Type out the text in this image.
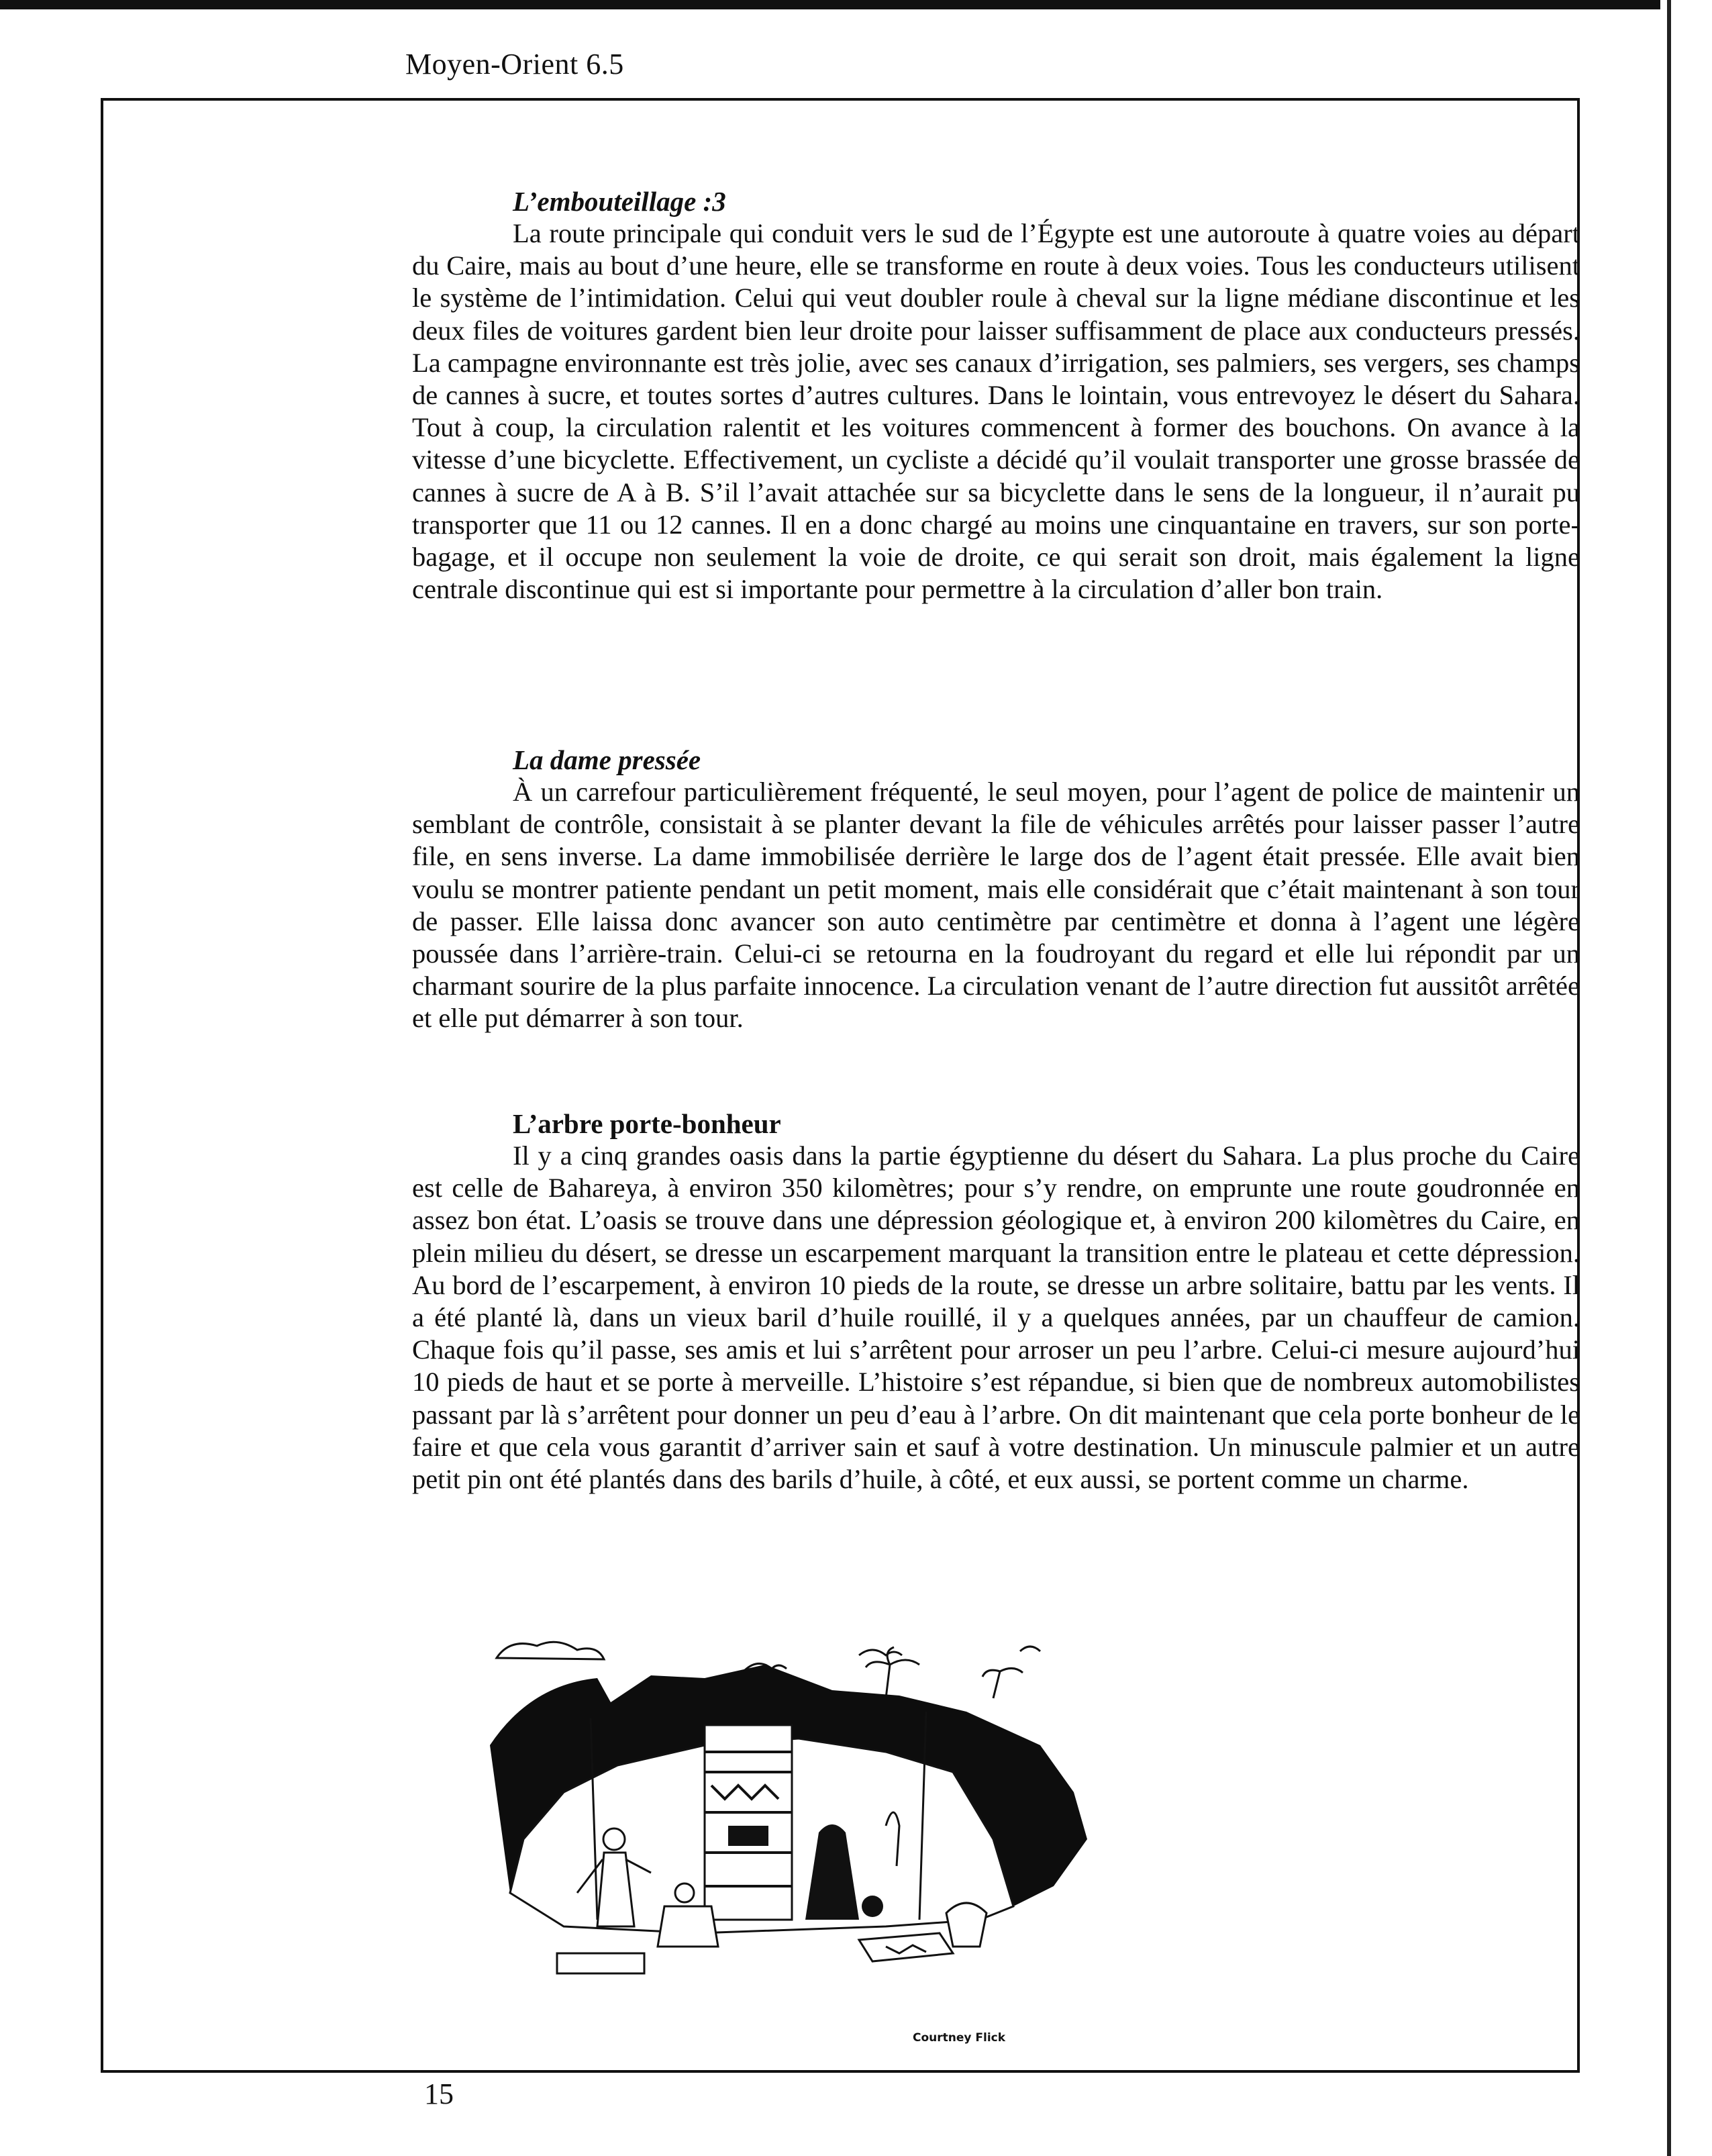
Moyen-Orient 6.5
L’embouteillage :3

La route principale qui conduit vers le sud de l’Égypte est une autoroute à quatre voies au départ du Caire, mais au bout d’une heure, elle se transforme en route à deux voies. Tous les conducteurs utilisent le système de l’intimidation. Celui qui veut doubler roule à cheval sur la ligne médiane discontinue et les deux files de voitures gardent bien leur droite pour laisser suffisamment de place aux conducteurs pressés. La campagne environnante est très jolie, avec ses canaux d’irrigation, ses palmiers, ses vergers, ses champs de cannes à sucre, et toutes sortes d’autres cultures. Dans le lointain, vous entrevoyez le désert du Sahara. Tout à coup, la circulation ralentit et les voitures commencent à former des bouchons. On avance à la vitesse d’une bicyclette. Effectivement, un cycliste a décidé qu’il voulait transporter une grosse brassée de cannes à sucre de A à B. S’il l’avait attachée sur sa bicyclette dans le sens de la longueur, il n’aurait pu transporter que 11 ou 12 cannes. Il en a donc chargé au moins une cinquantaine en travers, sur son porte-bagage, et il occupe non seulement la voie de droite, ce qui serait son droit, mais également la ligne centrale discontinue qui est si importante pour permettre à la circulation d’aller bon train.

La dame pressée

À un carrefour particulièrement fréquenté, le seul moyen, pour l’agent de police de maintenir un semblant de contrôle, consistait à se planter devant la file de véhicules arrêtés pour laisser passer l’autre file, en sens inverse. La dame immobilisée derrière le large dos de l’agent était pressée. Elle avait bien voulu se montrer patiente pendant un petit moment, mais elle considérait que c’était maintenant à son tour de passer. Elle laissa donc avancer son auto centimètre par centimètre et donna à l’agent une légère poussée dans l’arrière-train. Celui-ci se retourna en la foudroyant du regard et elle lui répondit par un charmant sourire de la plus parfaite innocence. La circulation venant de l’autre direction fut aussitôt arrêtée et elle put démarrer à son tour.

L’arbre porte-bonheur

Il y a cinq grandes oasis dans la partie égyptienne du désert du Sahara. La plus proche du Caire est celle de Bahareya, à environ 350 kilomètres; pour s’y rendre, on emprunte une route goudronnée en assez bon état. L’oasis se trouve dans une dépression géologique et, à environ 200 kilomètres du Caire, en plein milieu du désert, se dresse un escarpement marquant la transition entre le plateau et cette dépression. Au bord de l’escarpement, à environ 10 pieds de la route, se dresse un arbre solitaire, battu par les vents. Il a été planté là, dans un vieux baril d’huile rouillé, il y a quelques années, par un chauffeur de camion. Chaque fois qu’il passe, ses amis et lui s’arrêtent pour arroser un peu l’arbre. Celui-ci mesure aujourd’hui 10 pieds de haut et se porte à merveille. L’histoire s’est répandue, si bien que de nombreux automobilistes passant par là s’arrêtent pour donner un peu d’eau à l’arbre. On dit maintenant que cela porte bonheur de le faire et que cela vous garantit d’arriver sain et sauf à votre destination. Un minuscule palmier et un autre petit pin ont été plantés dans des barils d’huile, à côté, et eux aussi, se portent comme un charme.

Courtney Flick
15
